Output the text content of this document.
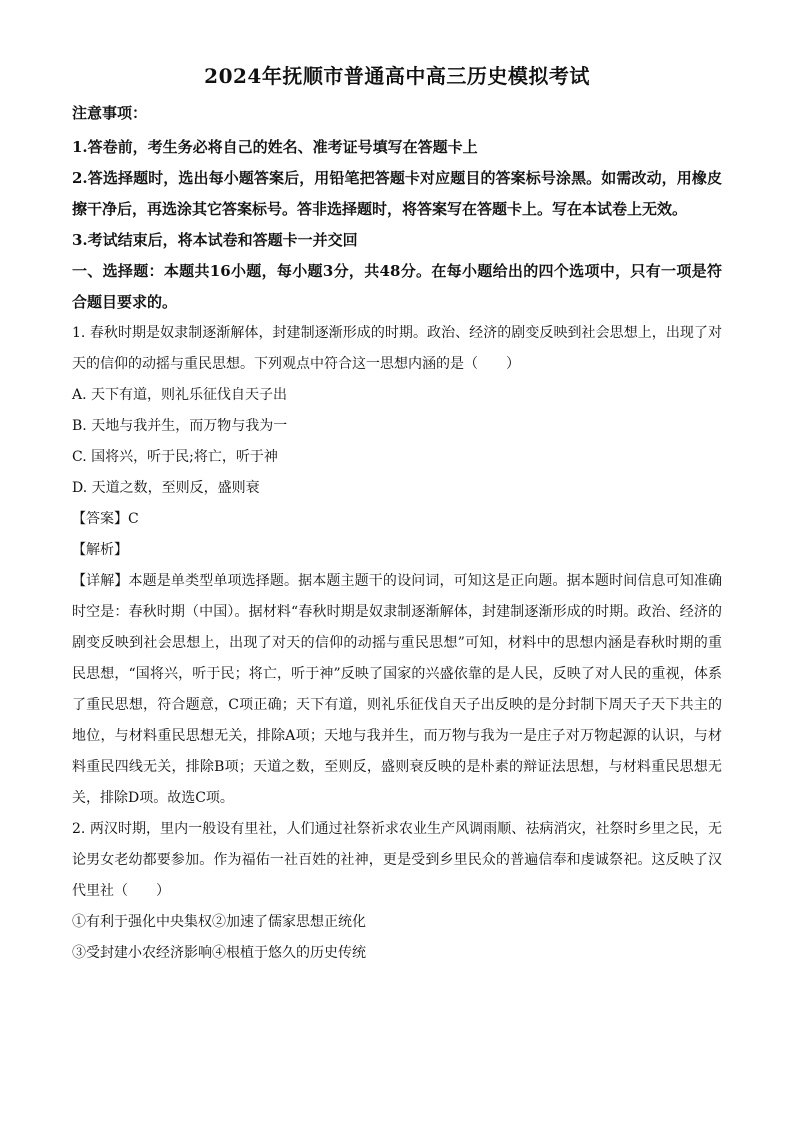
2024年抚顺市普通高中高三历史模拟考试

注意事项：

1.答卷前，考生务必将自己的姓名、准考证号填写在答题卡上

2.答选择题时，选出每小题答案后，用铅笔把答题卡对应题目的答案标号涂黑。如需改动，用橡皮擦干净后，再选涂其它答案标号。答非选择题时，将答案写在答题卡上。写在本试卷上无效。

3.考试结束后，将本试卷和答题卡一并交回

一、选择题：本题共16小题，每小题3分，共48分。在每小题给出的四个选项中，只有一项是符合题目要求的。

1. 春秋时期是奴隶制逐渐解体，封建制逐渐形成的时期。政治、经济的剧变反映到社会思想上，出现了对天的信仰的动摇与重民思想。下列观点中符合这一思想内涵的是（　　）

A. 天下有道，则礼乐征伐自天子出

B. 天地与我并生，而万物与我为一

C. 国将兴，听于民;将亡，听于神

D. 天道之数，至则反，盛则衰

【答案】C

【解析】

【详解】本题是单类型单项选择题。据本题主题干的设问词，可知这是正向题。据本题时间信息可知准确时空是：春秋时期（中国）。据材料“春秋时期是奴隶制逐渐解体，封建制逐渐形成的时期。政治、经济的剧变反映到社会思想上，出现了对天的信仰的动摇与重民思想”可知，材料中的思想内涵是春秋时期的重民思想，“国将兴，听于民；将亡，听于神”反映了国家的兴盛依靠的是人民，反映了对人民的重视，体系了重民思想，符合题意，C项正确；天下有道，则礼乐征伐自天子出反映的是分封制下周天子天下共主的地位，与材料重民思想无关，排除A项；天地与我并生，而万物与我为一是庄子对万物起源的认识，与材料重民四线无关，排除B项；天道之数，至则反，盛则衰反映的是朴素的辩证法思想，与材料重民思想无关，排除D项。故选C项。

2. 两汉时期，里内一般设有里社，人们通过社祭祈求农业生产风调雨顺、祛病消灾，社祭时乡里之民，无论男女老幼都要参加。作为福佑一社百姓的社神，更是受到乡里民众的普遍信奉和虔诚祭祀。这反映了汉代里社（　　）

①有利于强化中央集权②加速了儒家思想正统化

③受封建小农经济影响④根植于悠久的历史传统
